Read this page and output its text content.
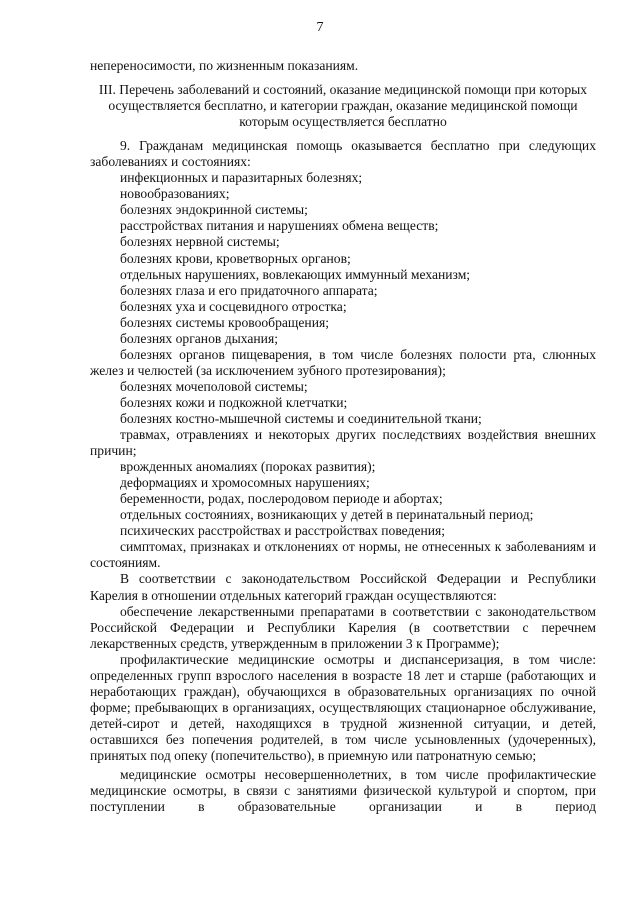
7

непереносимости, по жизненным показаниям.

III. Перечень заболеваний и состояний, оказание медицинской помощи при которых осуществляется бесплатно, и категории граждан, оказание медицинской помощи которым осуществляется бесплатно

9. Гражданам медицинская помощь оказывается бесплатно при следующих заболеваниях и состояниях:

инфекционных и паразитарных болезнях;

новообразованиях;

болезнях эндокринной системы;

расстройствах питания и нарушениях обмена веществ;

болезнях нервной системы;

болезнях крови, кроветворных органов;

отдельных нарушениях, вовлекающих иммунный механизм;

болезнях глаза и его придаточного аппарата;

болезнях уха и сосцевидного отростка;

болезнях системы кровообращения;

болезнях органов дыхания;

болезнях органов пищеварения, в том числе болезнях полости рта, слюнных желез и челюстей (за исключением зубного протезирования);

болезнях мочеполовой системы;

болезнях кожи и подкожной клетчатки;

болезнях костно-мышечной системы и соединительной ткани;

травмах, отравлениях и некоторых других последствиях воздействия внешних причин;

врожденных аномалиях (пороках развития);

деформациях и хромосомных нарушениях;

беременности, родах, послеродовом периоде и абортах;

отдельных состояниях, возникающих у детей в перинатальный период;

психических расстройствах и расстройствах поведения;

симптомах, признаках и отклонениях от нормы, не отнесенных к заболеваниям и состояниям.

В соответствии с законодательством Российской Федерации и Республики Карелия в отношении отдельных категорий граждан осуществляются:

обеспечение лекарственными препаратами в соответствии с законодательством Российской Федерации и Республики Карелия (в соответствии с перечнем лекарственных средств, утвержденным в приложении 3 к Программе);

профилактические медицинские осмотры и диспансеризация, в том числе: определенных групп взрослого населения в возрасте 18 лет и старше (работающих и неработающих граждан), обучающихся в образовательных организациях по очной форме; пребывающих в организациях, осуществляющих стационарное обслуживание, детей-сирот и детей, находящихся в трудной жизненной ситуации, и детей, оставшихся без попечения родителей, в том числе усыновленных (удочеренных), принятых под опеку (попечительство), в приемную или патронатную семью;

медицинские осмотры несовершеннолетних, в том числе профилактические медицинские осмотры, в связи с занятиями физической культурой и спортом, при поступлении в образовательные организации и в период
